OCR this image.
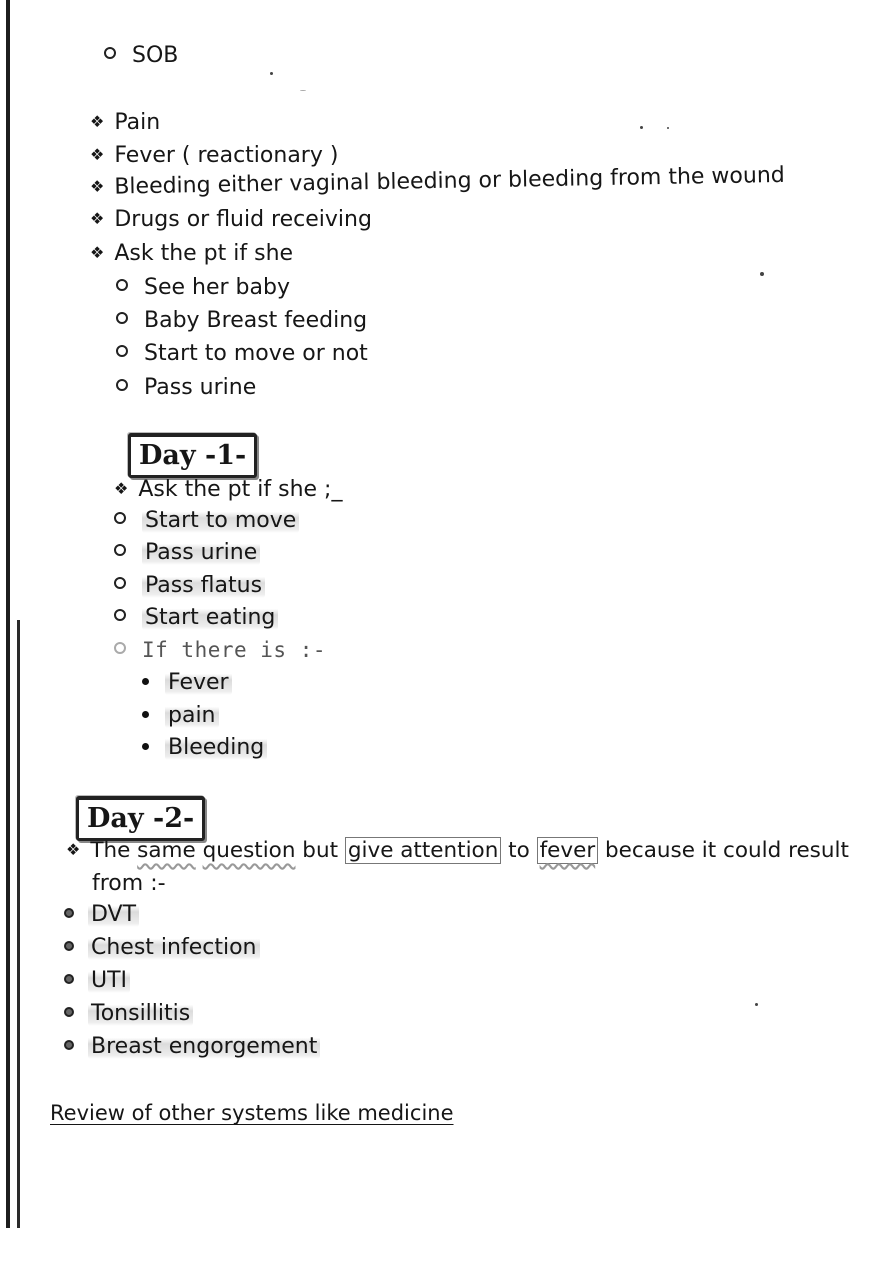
SOB
❖ Pain
❖ Fever ( reactionary )
❖ Bleeding either vaginal bleeding or bleeding from the wound
❖ Drugs or fluid receiving
❖ Ask the pt if she
See her baby
Baby Breast feeding
Start to move or not
Pass urine
Day -1-
❖ Ask the pt if she ;_
Start to move
Pass urine
Pass flatus
Start eating
If there is :-
Fever
pain
Bleeding
Day -2-
❖ The same question but give attention to fever because it could result
from :-
DVT
Chest infection
UTI
Tonsillitis
Breast engorgement
Review of other systems like medicine
